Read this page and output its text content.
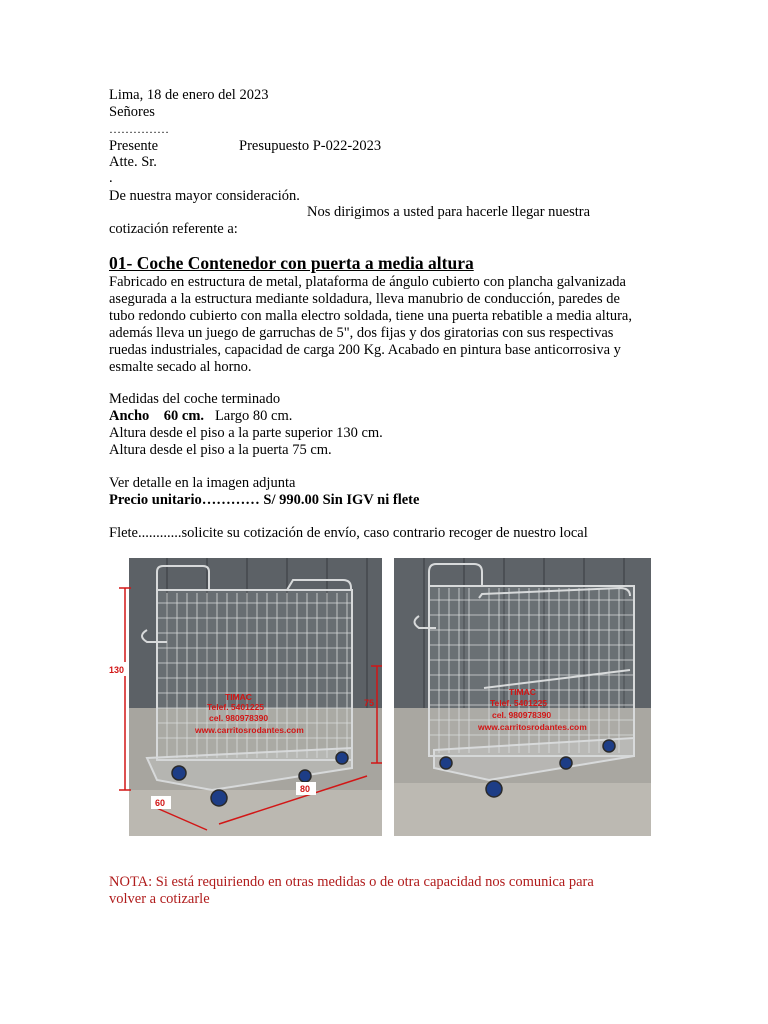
Lima, 18 de enero del 2023
Señores
……………
Presente	Presupuesto P-022-2023
Atte. Sr.
.
De nuestra mayor consideración.
Nos dirigimos a usted para hacerle llegar nuestra
cotización referente a:
01- Coche Contenedor con puerta a media altura
Fabricado en estructura de metal, plataforma de ángulo cubierto con plancha galvanizada asegurada a la estructura mediante soldadura, lleva manubrio de conducción, paredes de tubo redondo cubierto con malla electro soldada, tiene una puerta rebatible a media altura, además lleva un juego de garruchas de 5", dos fijas y dos giratorias con sus respectivas ruedas industriales, capacidad de carga 200 Kg. Acabado en pintura base anticorrosiva y esmalte secado al horno.
Medidas del coche terminado
Ancho    60 cm.   Largo 80 cm.
Altura desde el piso a la parte superior 130 cm.
Altura desde el piso a la puerta 75 cm.
Ver detalle en la imagen adjunta
Precio unitario………… S/ 990.00 Sin IGV ni flete
Flete............solicite su cotización de envío, caso contrario recoger de nuestro local
130
75
60
80
TIMAC
Telef. 5401225
cel. 980978390
www.carritosrodantes.com
TIMAC
Telef. 5401225
cel. 980978390
www.carritosrodantes.com
NOTA: Si está requiriendo en otras medidas o de otra capacidad nos comunica para
volver a cotizarle
